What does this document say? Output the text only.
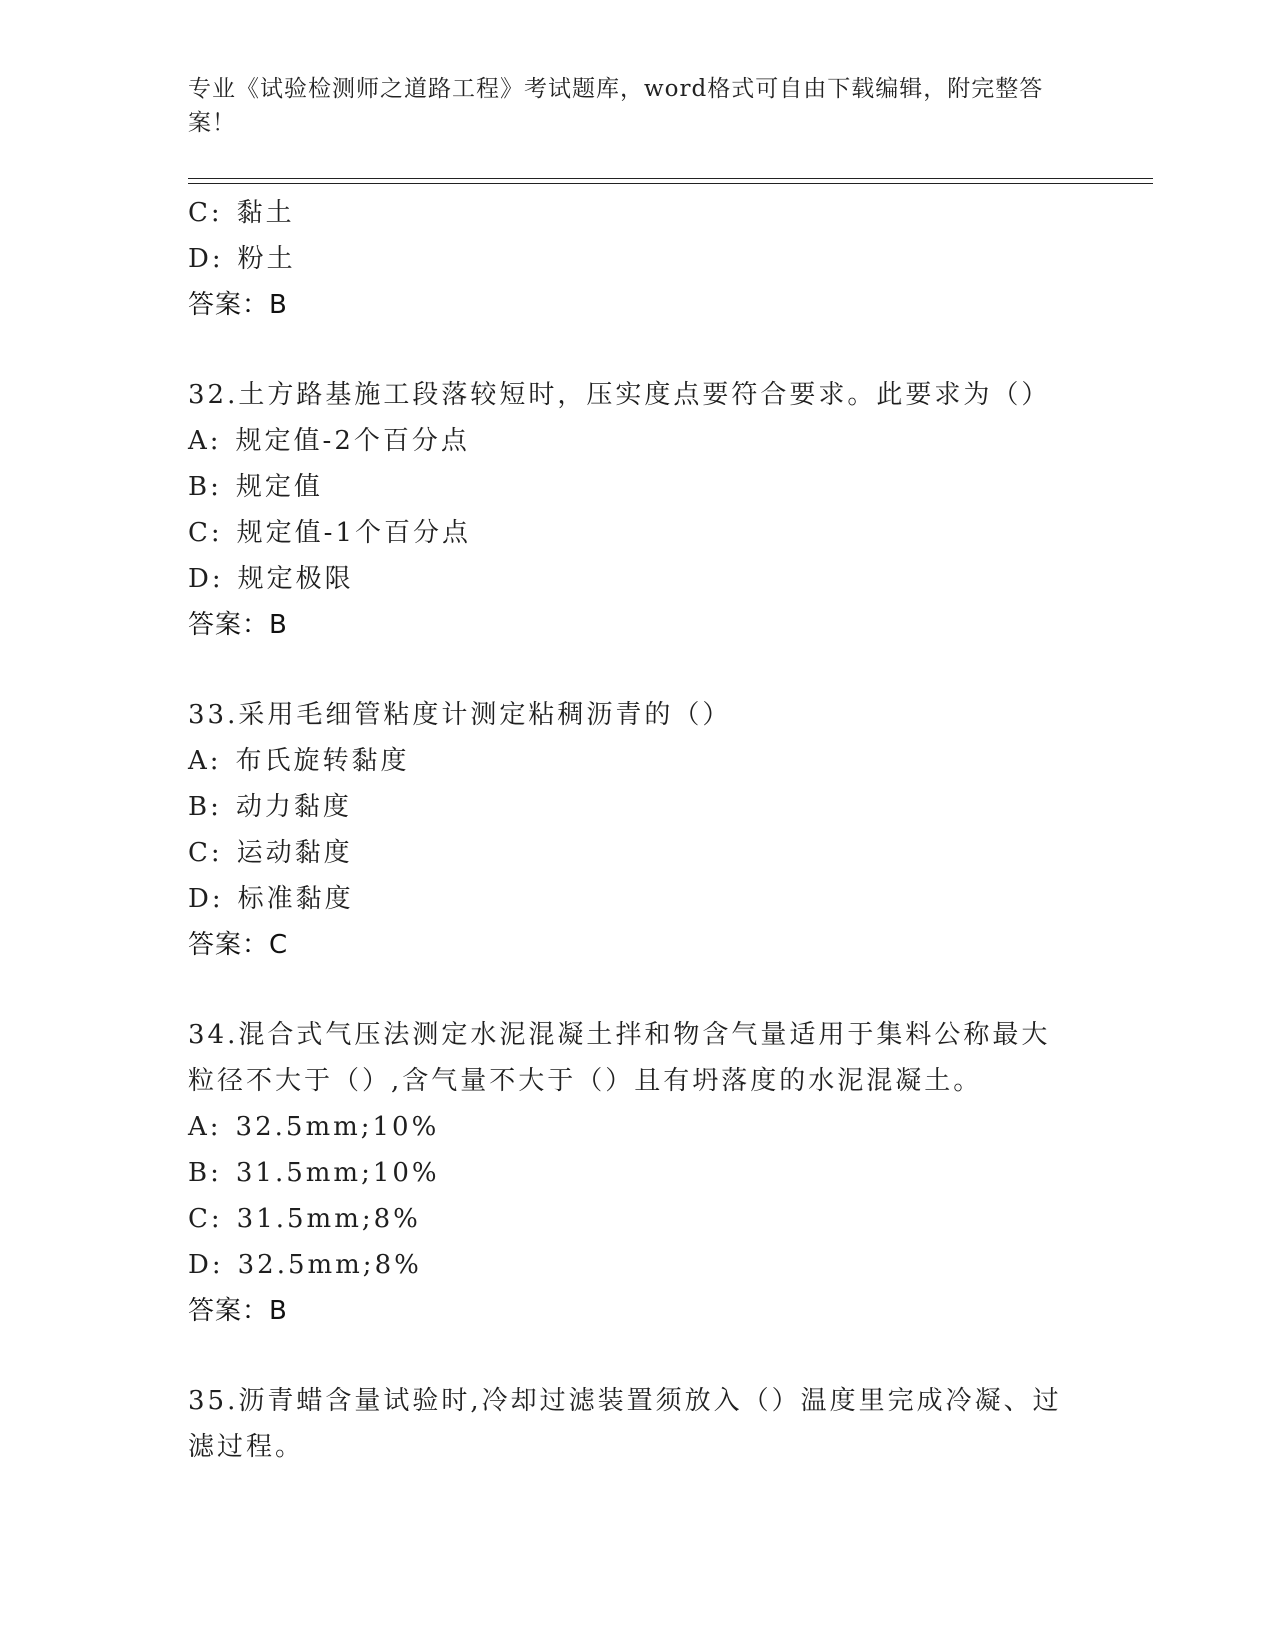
专业《试验检测师之道路工程》考试题库，word格式可自由下载编辑，附完整答案！
C: 黏土
D: 粉土
答案：B
32.土方路基施工段落较短时，压实度点要符合要求。此要求为（）
A: 规定值-2个百分点
B: 规定值
C: 规定值-1个百分点
D: 规定极限
答案：B
33.采用毛细管粘度计测定粘稠沥青的（）
A: 布氏旋转黏度
B: 动力黏度
C: 运动黏度
D: 标准黏度
答案：C
34.混合式气压法测定水泥混凝土拌和物含气量适用于集料公称最大粒径不大于（）,含气量不大于（）且有坍落度的水泥混凝土。
A: 32.5mm;10%
B: 31.5mm;10%
C: 31.5mm;8%
D: 32.5mm;8%
答案：B
35.沥青蜡含量试验时,冷却过滤装置须放入（）温度里完成冷凝、过滤过程。
